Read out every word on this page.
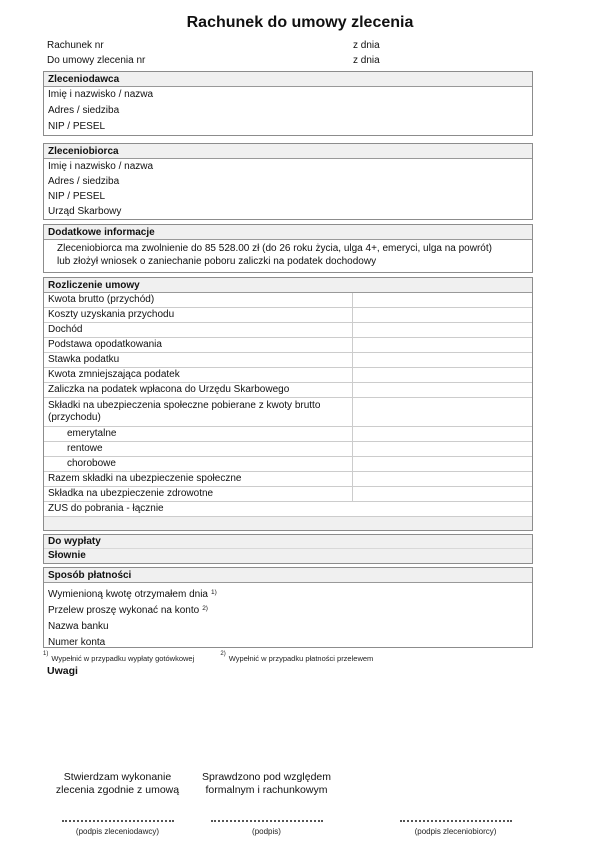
Rachunek do umowy zlecenia
Rachunek nr	z dnia
Do umowy zlecenia nr	z dnia
Zleceniodawca
Imię i nazwisko / nazwa
Adres / siedziba
NIP / PESEL
Zleceniobiorca
Imię i nazwisko / nazwa
Adres / siedziba
NIP / PESEL
Urząd Skarbowy
Dodatkowe informacje
Zleceniobiorca ma zwolnienie do 85 528.00 zł (do 26 roku życia, ulga 4+, emeryci, ulga na powrót)
lub złożył wniosek o zaniechanie poboru zaliczki na podatek dochodowy
Rozliczenie umowy
Kwota brutto (przychód)
Koszty uzyskania przychodu
Dochód
Podstawa opodatkowania
Stawka podatku
Kwota zmniejszająca podatek
Zaliczka na podatek wpłacona do Urzędu Skarbowego
Składki na ubezpieczenia społeczne pobierane z kwoty brutto (przychodu)
emerytalne
rentowe
chorobowe
Razem składki na ubezpieczenie społeczne
Składka na ubezpieczenie zdrowotne
ZUS do pobrania - łącznie
Do wypłaty
Słownie
Sposób płatności
Wymienioną kwotę otrzymałem dnia $^{1)}$
Przelew proszę wykonać na konto $^{2)}$
Nazwa banku
Numer konta
$^{1)}$ Wypełnić w przypadku wypłaty gotówkowej	$^{2)}$ Wypełnić w przypadku płatności przelewem
Uwagi
Stwierdzam wykonanie
zlecenia zgodnie z umową
(podpis zleceniodawcy)
Sprawdzono pod względem
formalnym i rachunkowym
(podpis)	(podpis zleceniobiorcy)
